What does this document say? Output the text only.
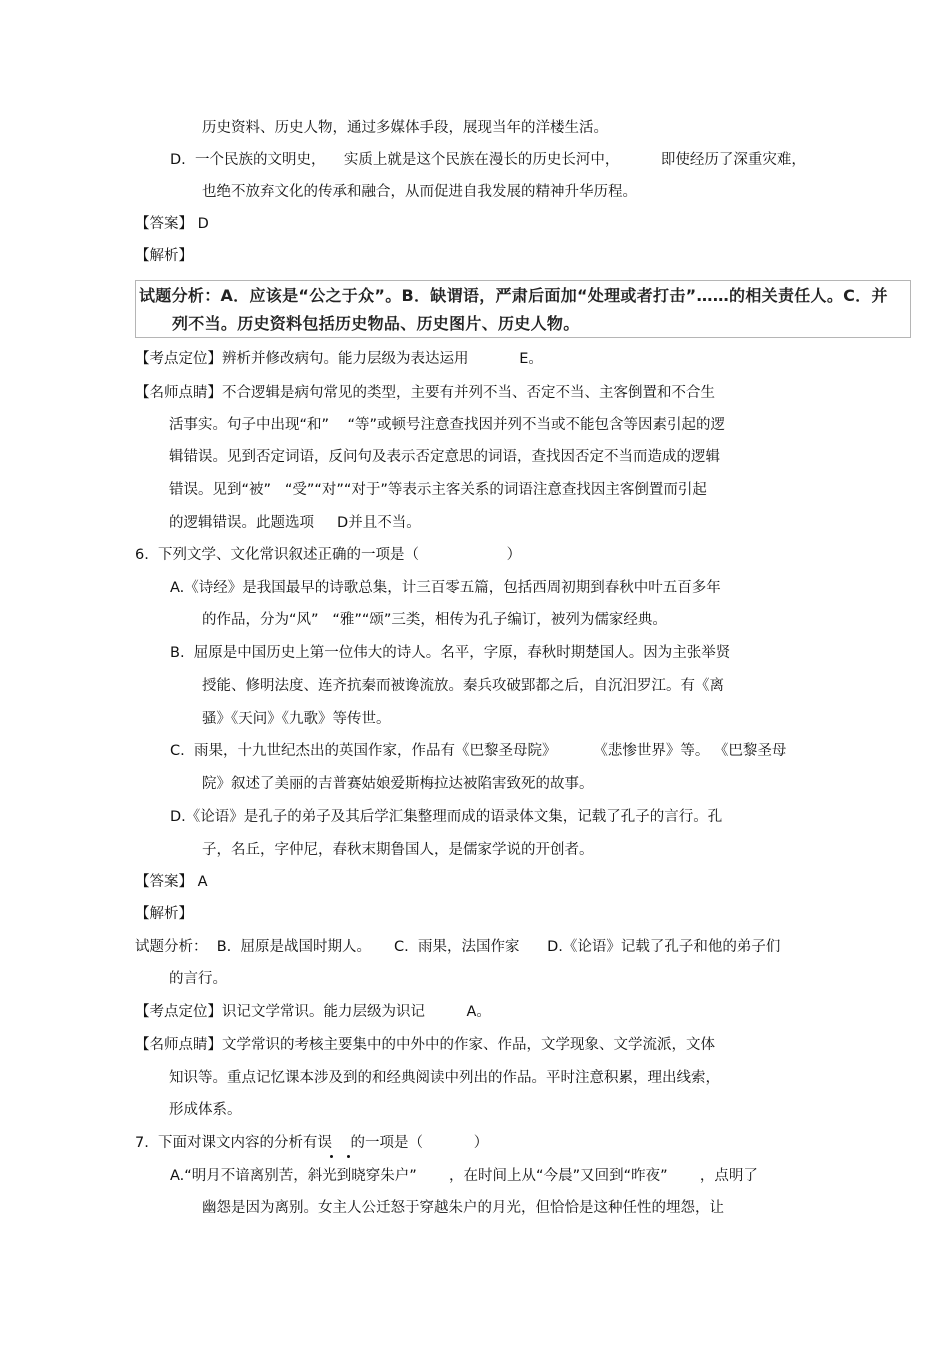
历史资料、历史人物，通过多媒体手段，展现当年的洋楼生活。
D.  一个民族的文明史，    实质上就是这个民族在漫长的历史长河中，         即使经历了深重灾难，
也绝不放弃文化的传承和融合，从而促进自我发展的精神升华历程。
【答案】 D
【解析】
试题分析：A．应该是“公之于众”。B．缺谓语，严肃后面加“处理或者打击”……的相关责任人。C．并
列不当。历史资料包括历史物品、历史图片、历史人物。
【考点定位】辨析并修改病句。能力层级为表达运用           E。
【名师点睛】不合逻辑是病句常见的类型，主要有并列不当、否定不当、主客倒置和不合生
活事实。句子中出现“和”    “等”或顿号注意查找因并列不当或不能包含等因素引起的逻
辑错误。见到否定词语，反问句及表示否定意思的词语，查找因否定不当而造成的逻辑
错误。见到“被”   “受”“对”“对于”等表示主客关系的词语注意查找因主客倒置而引起
的逻辑错误。此题选项     D并且不当。
6.  下列文学、文化常识叙述正确的一项是（                   ）
A.《诗经》是我国最早的诗歌总集，计三百零五篇，包括西周初期到春秋中叶五百多年
的作品，分为“风”   “雅”“颂”三类，相传为孔子编订，被列为儒家经典。
B.  屈原是中国历史上第一位伟大的诗人。名平，字原，春秋时期楚国人。因为主张举贤
授能、修明法度、连齐抗秦而被谗流放。秦兵攻破郢都之后，自沉汨罗江。有《离
骚》《天问》《九歌》等传世。
C.  雨果，十九世纪杰出的英国作家，作品有《巴黎圣母院》        《悲惨世界》等。 《巴黎圣母
院》叙述了美丽的吉普赛姑娘爱斯梅拉达被陷害致死的故事。
D.《论语》是孔子的弟子及其后学汇集整理而成的语录体文集，记载了孔子的言行。孔
子，名丘，字仲尼，春秋末期鲁国人，是儒家学说的开创者。
【答案】 A
【解析】
试题分析：  B.  屈原是战国时期人。     C.  雨果，法国作家      D.《论语》记载了孔子和他的弟子们
的言行。
【考点定位】识记文学常识。能力层级为识记         A。
【名师点睛】文学常识的考核主要集中的中外中的作家、作品，文学现象、文学流派，文体
知识等。重点记忆课本涉及到的和经典阅读中列出的作品。平时注意积累，理出线索，
形成体系。
7.  下面对课文内容的分析有误    的一项是（           ）
A.“明月不谙离别苦，斜光到晓穿朱户”       ，在时间上从“今晨”又回到“昨夜”       ，点明了
幽怨是因为离别。女主人公迁怒于穿越朱户的月光，但恰恰是这种任性的埋怨，让
